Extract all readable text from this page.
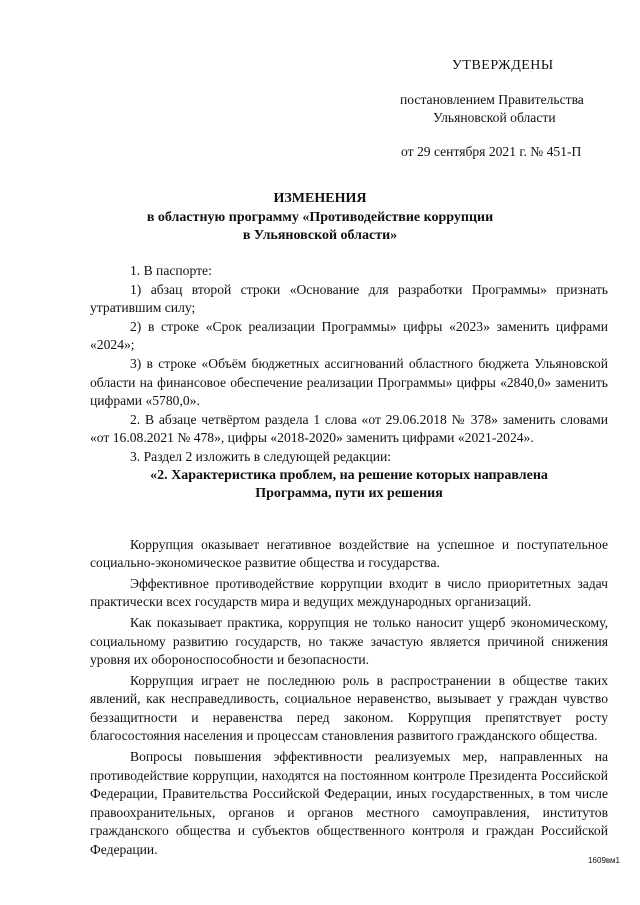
УТВЕРЖДЕНЫ
постановлением Правительства
Ульяновской области
от 29 сентября 2021 г. № 451-П
ИЗМЕНЕНИЯ
в областную программу «Противодействие коррупции
в Ульяновской области»

1. В паспорте:

1) абзац второй строки «Основание для разработки Программы» признать утратившим силу;

2) в строке «Срок реализации Программы» цифры «2023» заменить цифрами «2024»;

3) в строке «Объём бюджетных ассигнований областного бюджета Ульяновской области на финансовое обеспечение реализации Программы» цифры «2840,0» заменить цифрами «5780,0».

2. В абзаце четвёртом раздела 1 слова «от 29.06.2018 № 378» заменить словами «от 16.08.2021 № 478», цифры «2018-2020» заменить цифрами «2021-2024».

3. Раздел 2 изложить в следующей редакции:

«2. Характеристика проблем, на решение которых направлена
Программа, пути их решения

Коррупция оказывает негативное воздействие на успешное и поступательное социально-экономическое развитие общества и государства.

Эффективное противодействие коррупции входит в число приоритетных задач практически всех государств мира и ведущих международных организаций.

Как показывает практика, коррупция не только наносит ущерб экономическому, социальному развитию государств, но также зачастую является причиной снижения уровня их обороноспособности и безопасности.

Коррупция играет не последнюю роль в распространении в обществе таких явлений, как несправедливость, социальное неравенство, вызывает у граждан чувство беззащитности и неравенства перед законом. Коррупция препятствует росту благосостояния населения и процессам становления развитого гражданского общества.

Вопросы повышения эффективности реализуемых мер, направленных на противодействие коррупции, находятся на постоянном контроле Президента Российской Федерации, Правительства Российской Федерации, иных государственных, в том числе правоохранительных, органов и органов местного самоуправления, институтов гражданского общества и субъектов общественного контроля и граждан Российской Федерации.

1609вм1
